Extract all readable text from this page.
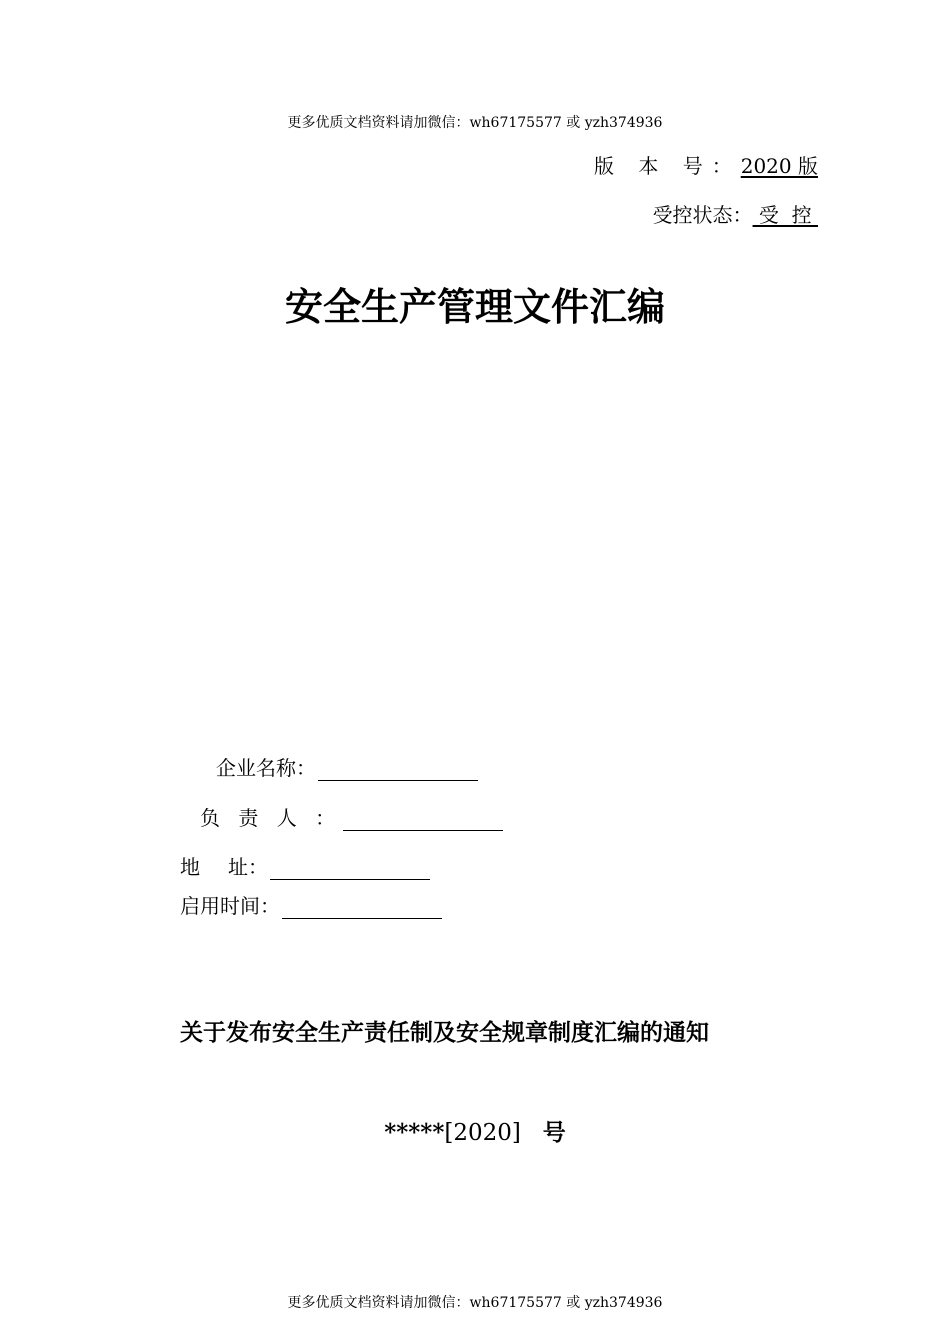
更多优质文档资料请加微信：wh67175577 或 yzh374936
版 本 号：2020 版
受控状态： 受  控
安全生产管理文件汇编
企业名称：
负 责 人 ：
地 址：
启用时间：
关于发布安全生产责任制及安全规章制度汇编的通知
*****[2020] 号
更多优质文档资料请加微信：wh67175577 或 yzh374936
